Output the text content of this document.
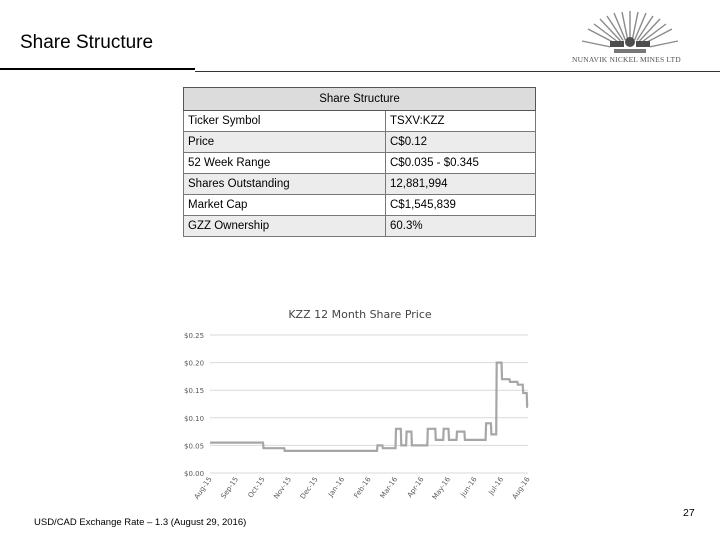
Share Structure
NUNAVIK NICKEL MINES LTD
Share Structure	
Ticker Symbol	TSXV:KZZ
Price	C$0.12
52 Week Range	C$0.035 - $0.345
Shares Outstanding	12,881,994
Market Cap	C$1,545,839
GZZ Ownership	60.3%
KZZ 12 Month Share Price
$0.00
$0.05
$0.10
$0.15
$0.20
$0.25
Aug-15 Sep-15 Oct-15 Nov-15 Dec-15 Jan-16 Feb-16 Mar-16 Apr-16 May-16 Jun-16 Jul-16 Aug-16
USD/CAD Exchange Rate – 1.3 (August 29, 2016)
27
